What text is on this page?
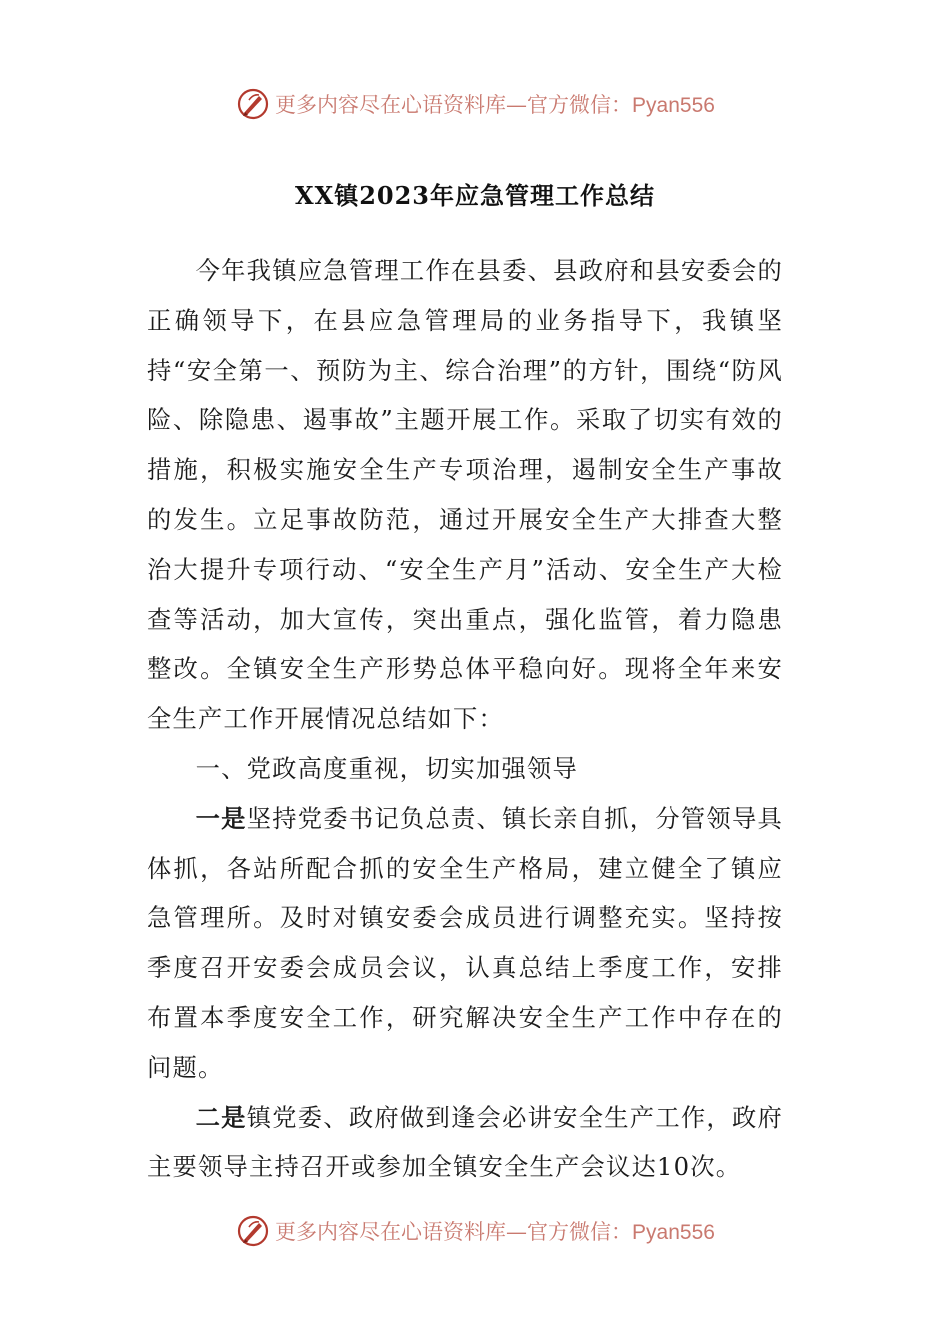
更多内容尽在心语资料库—官方微信：Pyan556
XX镇2023年应急管理工作总结

今年我镇应急管理工作在县委、县政府和县安委会的正确领导下，在县应急管理局的业务指导下，我镇坚持“安全第一、预防为主、综合治理”的方针，围绕“防风险、除隐患、遏事故”主题开展工作。采取了切实有效的措施，积极实施安全生产专项治理，遏制安全生产事故的发生。立足事故防范，通过开展安全生产大排查大整治大提升专项行动、“安全生产月”活动、安全生产大检查等活动，加大宣传，突出重点，强化监管，着力隐患整改。全镇安全生产形势总体平稳向好。现将全年来安全生产工作开展情况总结如下：

一、党政高度重视，切实加强领导

一是坚持党委书记负总责、镇长亲自抓，分管领导具体抓，各站所配合抓的安全生产格局，建立健全了镇应急管理所。及时对镇安委会成员进行调整充实。坚持按季度召开安委会成员会议，认真总结上季度工作，安排布置本季度安全工作，研究解决安全生产工作中存在的问题。

二是镇党委、政府做到逢会必讲安全生产工作，政府主要领导主持召开或参加全镇安全生产会议达10次。

更多内容尽在心语资料库—官方微信：Pyan556
